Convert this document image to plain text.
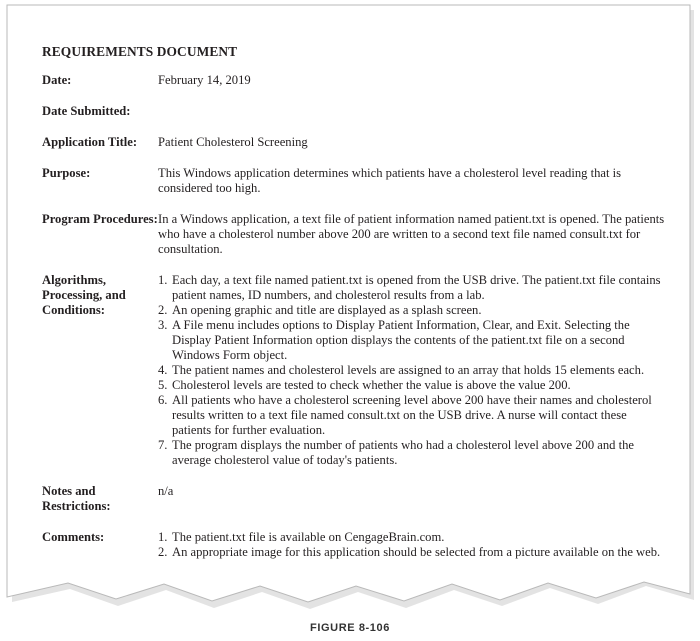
REQUIREMENTS DOCUMENT
Date:	February 14, 2019
Date Submitted:
Application Title:	Patient Cholesterol Screening
Purpose:	This Windows application determines which patients have a cholesterol level reading that is considered too high.
Program Procedures: In a Windows application, a text file of patient information named patient.txt is opened. The patients who have a cholesterol number above 200 are written to a second text file named consult.txt for consultation.
Algorithms, Processing, and Conditions:
1. Each day, a text file named patient.txt is opened from the USB drive. The patient.txt file contains patient names, ID numbers, and cholesterol results from a lab.
2. An opening graphic and title are displayed as a splash screen.
3. A File menu includes options to Display Patient Information, Clear, and Exit. Selecting the Display Patient Information option displays the contents of the patient.txt file on a second Windows Form object.
4. The patient names and cholesterol levels are assigned to an array that holds 15 elements each.
5. Cholesterol levels are tested to check whether the value is above the value 200.
6. All patients who have a cholesterol screening level above 200 have their names and cholesterol results written to a text file named consult.txt on the USB drive. A nurse will contact these patients for further evaluation.
7. The program displays the number of patients who had a cholesterol level above 200 and the average cholesterol value of today's patients.
Notes and Restrictions:
n/a
Comments:	1. The patient.txt file is available on CengageBrain.com.
2. An appropriate image for this application should be selected from a picture available on the web.
FIGURE 8-106
